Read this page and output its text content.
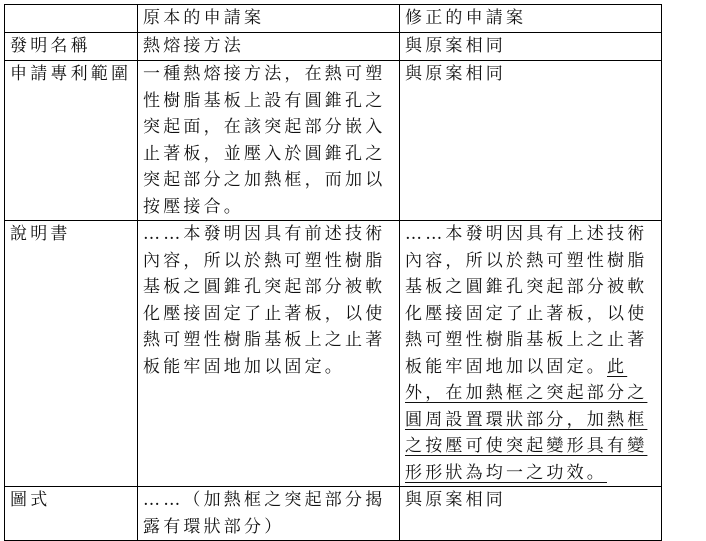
	原本的申請案	修正的申請案
發明名稱	熱熔接方法	與原案相同
申請專利範圍	一種熱熔接方法，在熱可塑性樹脂基板上設有圓錐孔之突起面，在該突起部分嵌入止著板，並壓入於圓錐孔之突起部分之加熱框，而加以按壓接合。	與原案相同
說明書	……本發明因具有前述技術內容，所以於熱可塑性樹脂基板之圓錐孔突起部分被軟化壓接固定了止著板，以使熱可塑性樹脂基板上之止著板能牢固地加以固定。	……本發明因具有上述技術內容，所以於熱可塑性樹脂基板之圓錐孔突起部分被軟化壓接固定了止著板，以使熱可塑性樹脂基板上之止著板能牢固地加以固定。此外，在加熱框之突起部分之圓周設置環狀部分，加熱框之按壓可使突起變形具有變形形狀為均一之功效。
圖式	……（加熱框之突起部分揭露有環狀部分）	與原案相同
